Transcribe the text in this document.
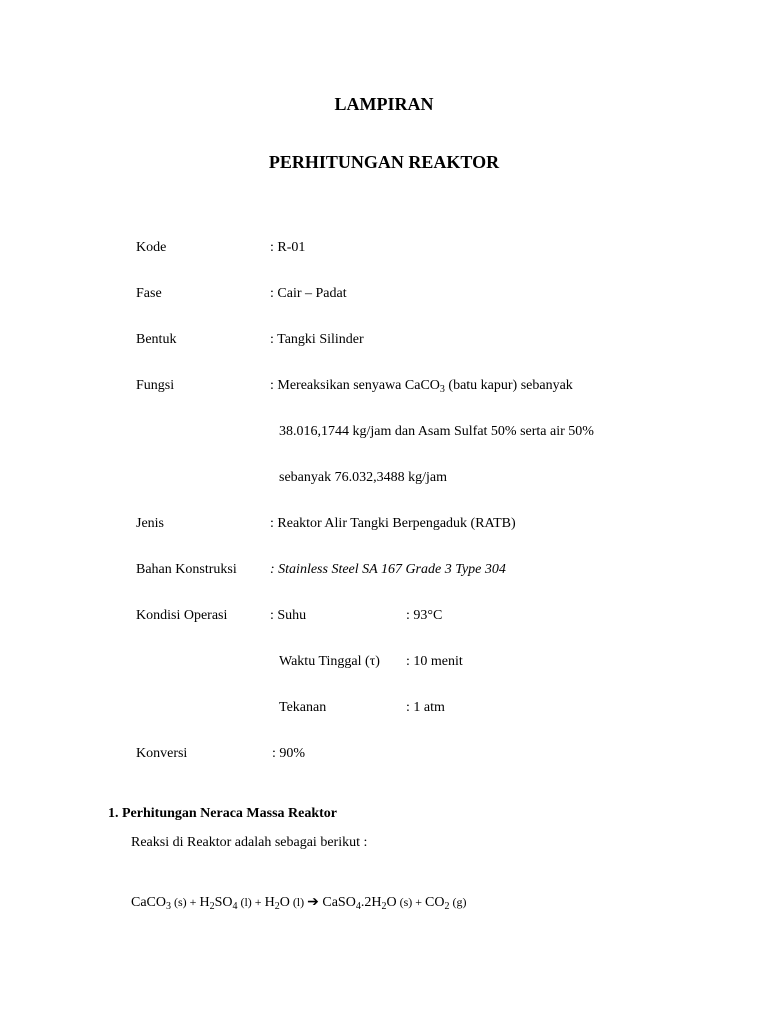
LAMPIRAN
PERHITUNGAN REAKTOR
Kode	: R-01
Fase	: Cair – Padat
Bentuk	: Tangki Silinder
Fungsi	: Mereaksikan senyawa CaCO$_3$ (batu kapur) sebanyak
38.016,1744 kg/jam dan Asam Sulfat 50% serta air 50%
sebanyak 76.032,3488 kg/jam
Jenis	: Reaktor Alir Tangki Berpengaduk (RATB)
Bahan Konstruksi : Stainless Steel SA 167 Grade 3 Type 304
Kondisi Operasi	: Suhu	: 93°C
Waktu Tinggal (τ) : 10 menit
Tekanan	: 1 atm
Konversi	: 90%
1. Perhitungan Neraca Massa Reaktor
Reaksi di Reaktor adalah sebagai berikut :
CaCO$_3$ $(s) + H_2SO_4$ $(l) + H_2O$ (l) ➔ $CaSO_4.2H_2O$ $(s) + CO_2$ (g)
